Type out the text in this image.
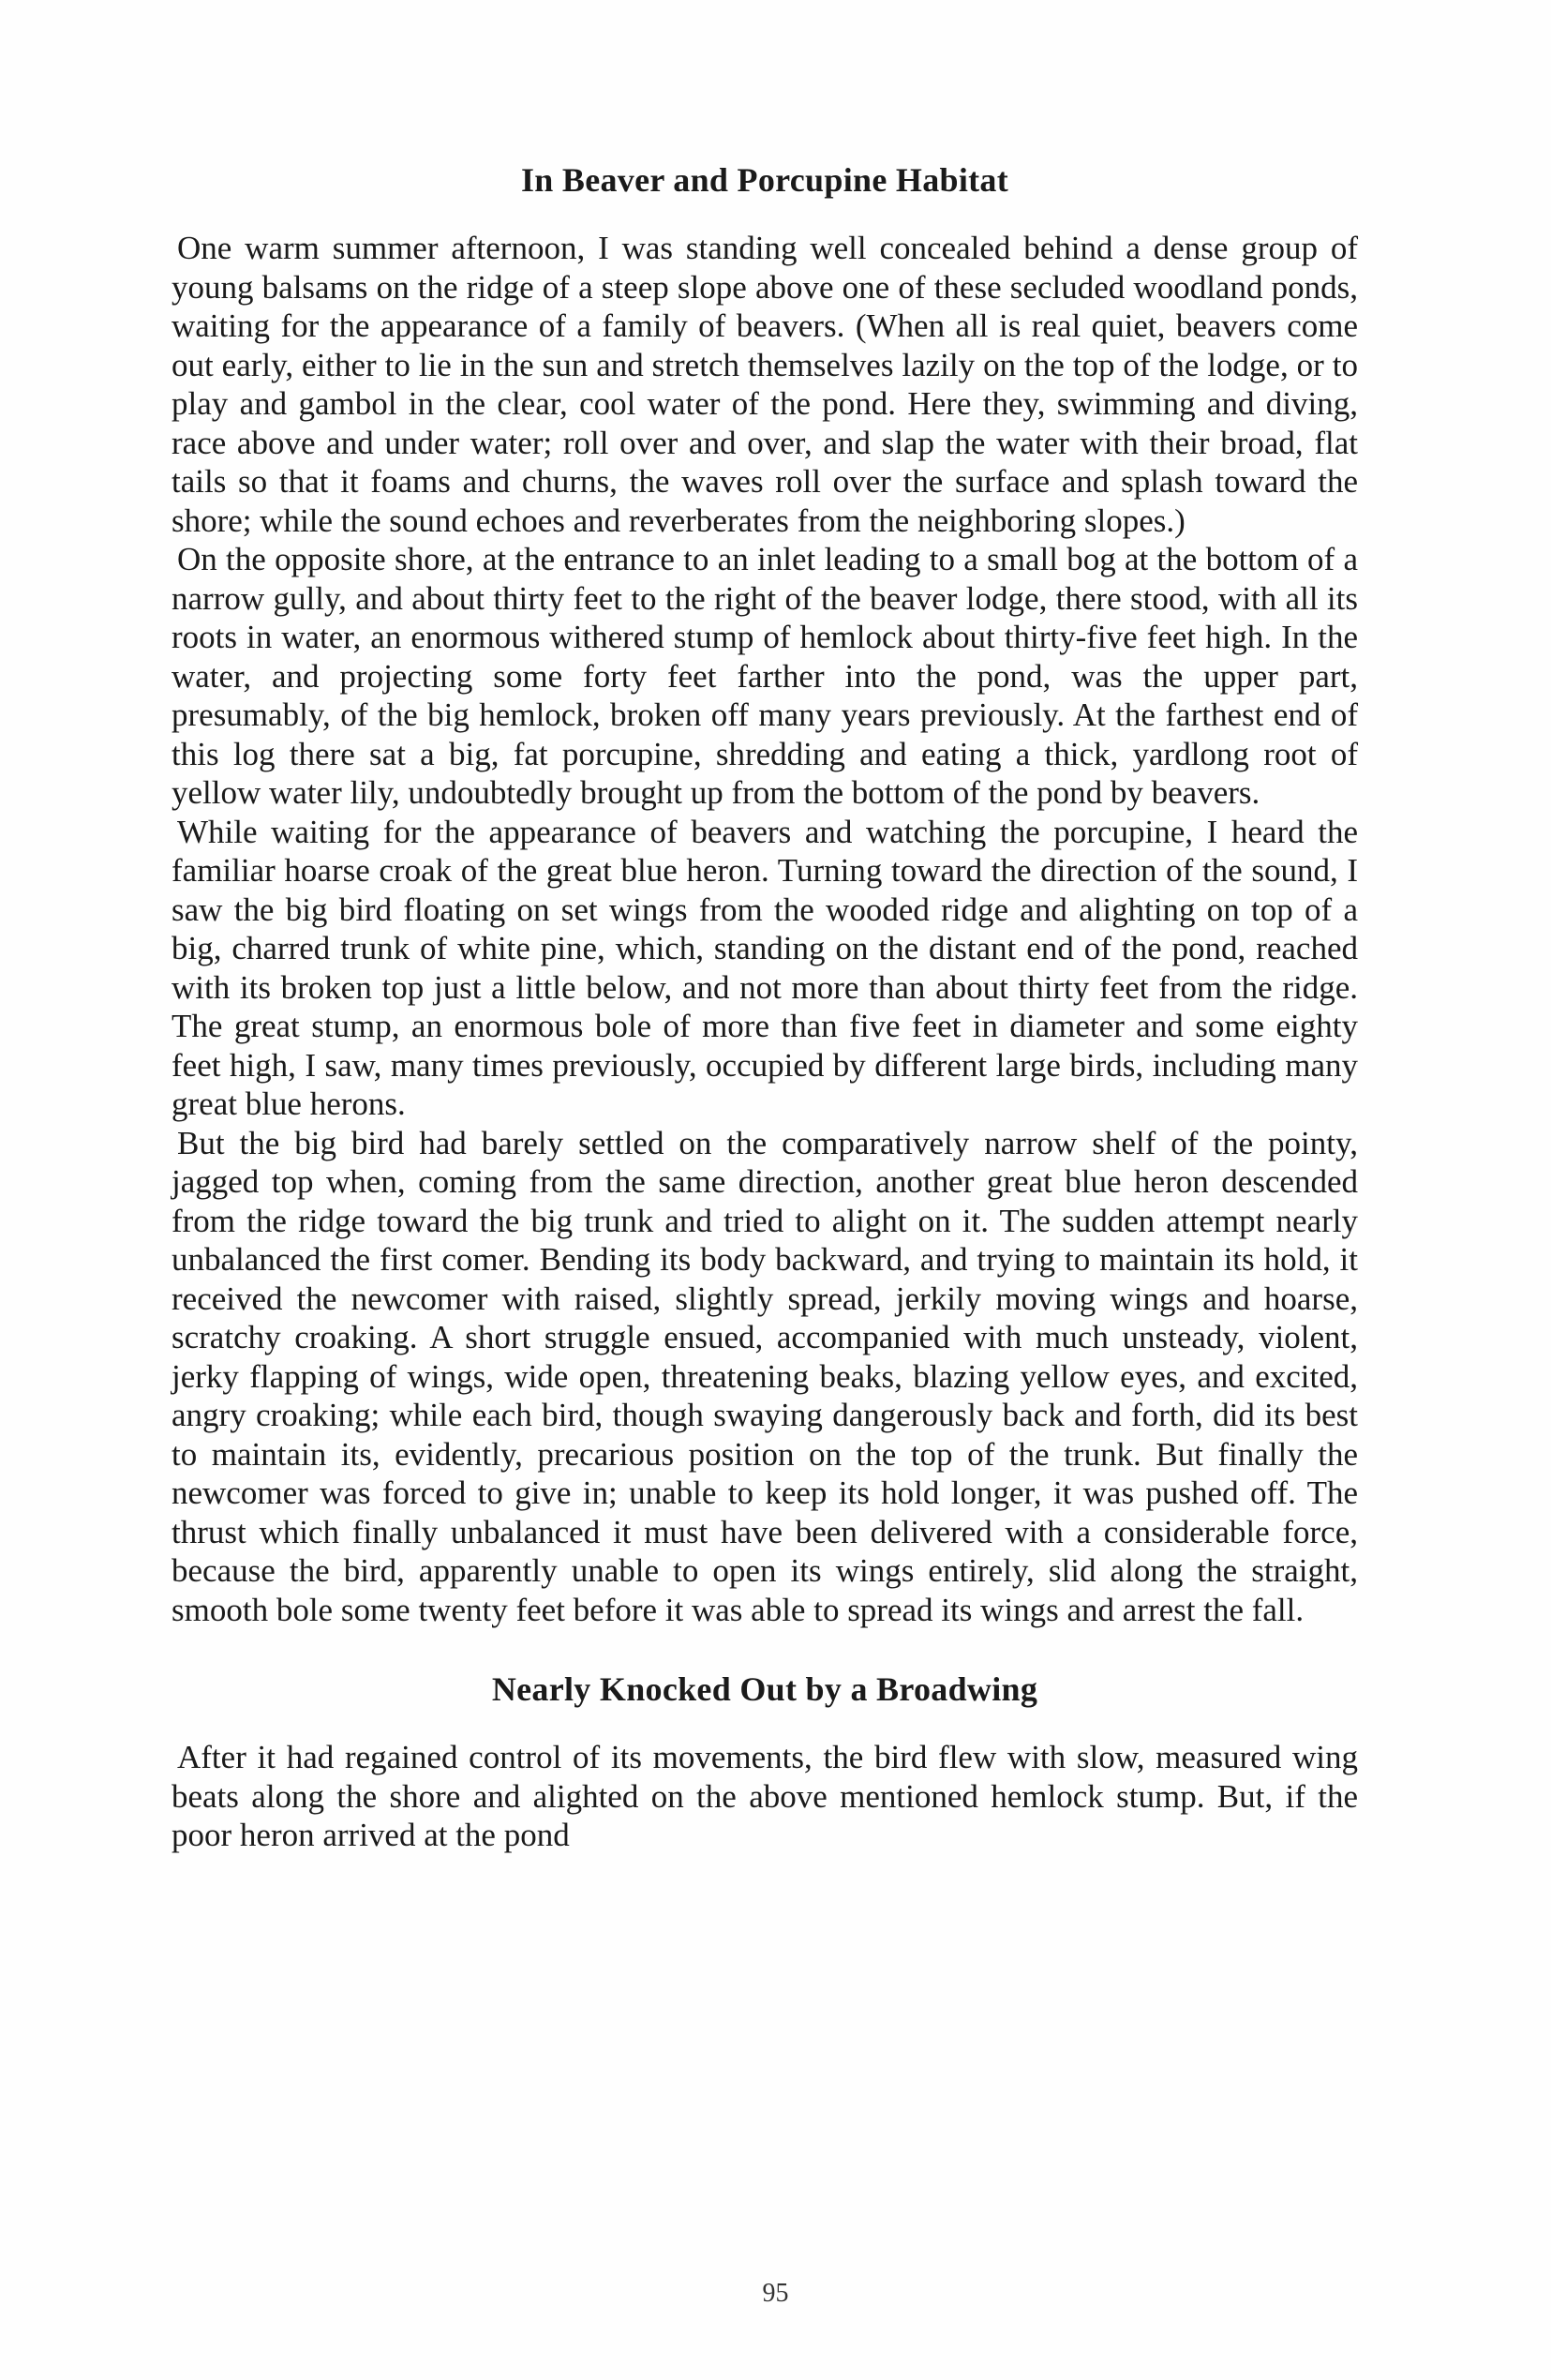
In Beaver and Porcupine Habitat

One warm summer afternoon, I was standing well concealed behind a dense group of young balsams on the ridge of a steep slope above one of these secluded woodland ponds, waiting for the appearance of a family of beavers. (When all is real quiet, beavers come out early, either to lie in the sun and stretch themselves lazily on the top of the lodge, or to play and gambol in the clear, cool water of the pond. Here they, swimming and diving, race above and under water; roll over and over, and slap the water with their broad, flat tails so that it foams and churns, the waves roll over the surface and splash toward the shore; while the sound echoes and reverberates from the neighboring slopes.)

On the opposite shore, at the entrance to an inlet leading to a small bog at the bottom of a narrow gully, and about thirty feet to the right of the beaver lodge, there stood, with all its roots in water, an enormous withered stump of hemlock about thirty-five feet high. In the water, and projecting some forty feet farther into the pond, was the upper part, presumably, of the big hemlock, broken off many years previously. At the farthest end of this log there sat a big, fat porcupine, shredding and eating a thick, yardlong root of yellow water lily, undoubtedly brought up from the bottom of the pond by beavers.

While waiting for the appearance of beavers and watching the porcupine, I heard the familiar hoarse croak of the great blue heron. Turning toward the direction of the sound, I saw the big bird floating on set wings from the wooded ridge and alighting on top of a big, charred trunk of white pine, which, standing on the distant end of the pond, reached with its broken top just a little below, and not more than about thirty feet from the ridge. The great stump, an enormous bole of more than five feet in diameter and some eighty feet high, I saw, many times previously, occupied by different large birds, including many great blue herons.

But the big bird had barely settled on the comparatively narrow shelf of the pointy, jagged top when, coming from the same direction, another great blue heron descended from the ridge toward the big trunk and tried to alight on it. The sudden attempt nearly unbalanced the first comer. Bending its body backward, and trying to maintain its hold, it received the newcomer with raised, slightly spread, jerkily moving wings and hoarse, scratchy croaking. A short struggle ensued, accompanied with much unsteady, violent, jerky flapping of wings, wide open, threatening beaks, blazing yellow eyes, and excited, angry croaking; while each bird, though swaying dangerously back and forth, did its best to maintain its, evidently, precarious position on the top of the trunk. But finally the newcomer was forced to give in; unable to keep its hold longer, it was pushed off. The thrust which finally unbalanced it must have been delivered with a considerable force, because the bird, apparently unable to open its wings entirely, slid along the straight, smooth bole some twenty feet before it was able to spread its wings and arrest the fall.

Nearly Knocked Out by a Broadwing

After it had regained control of its movements, the bird flew with slow, measured wing beats along the shore and alighted on the above mentioned hemlock stump. But, if the poor heron arrived at the pond

95
